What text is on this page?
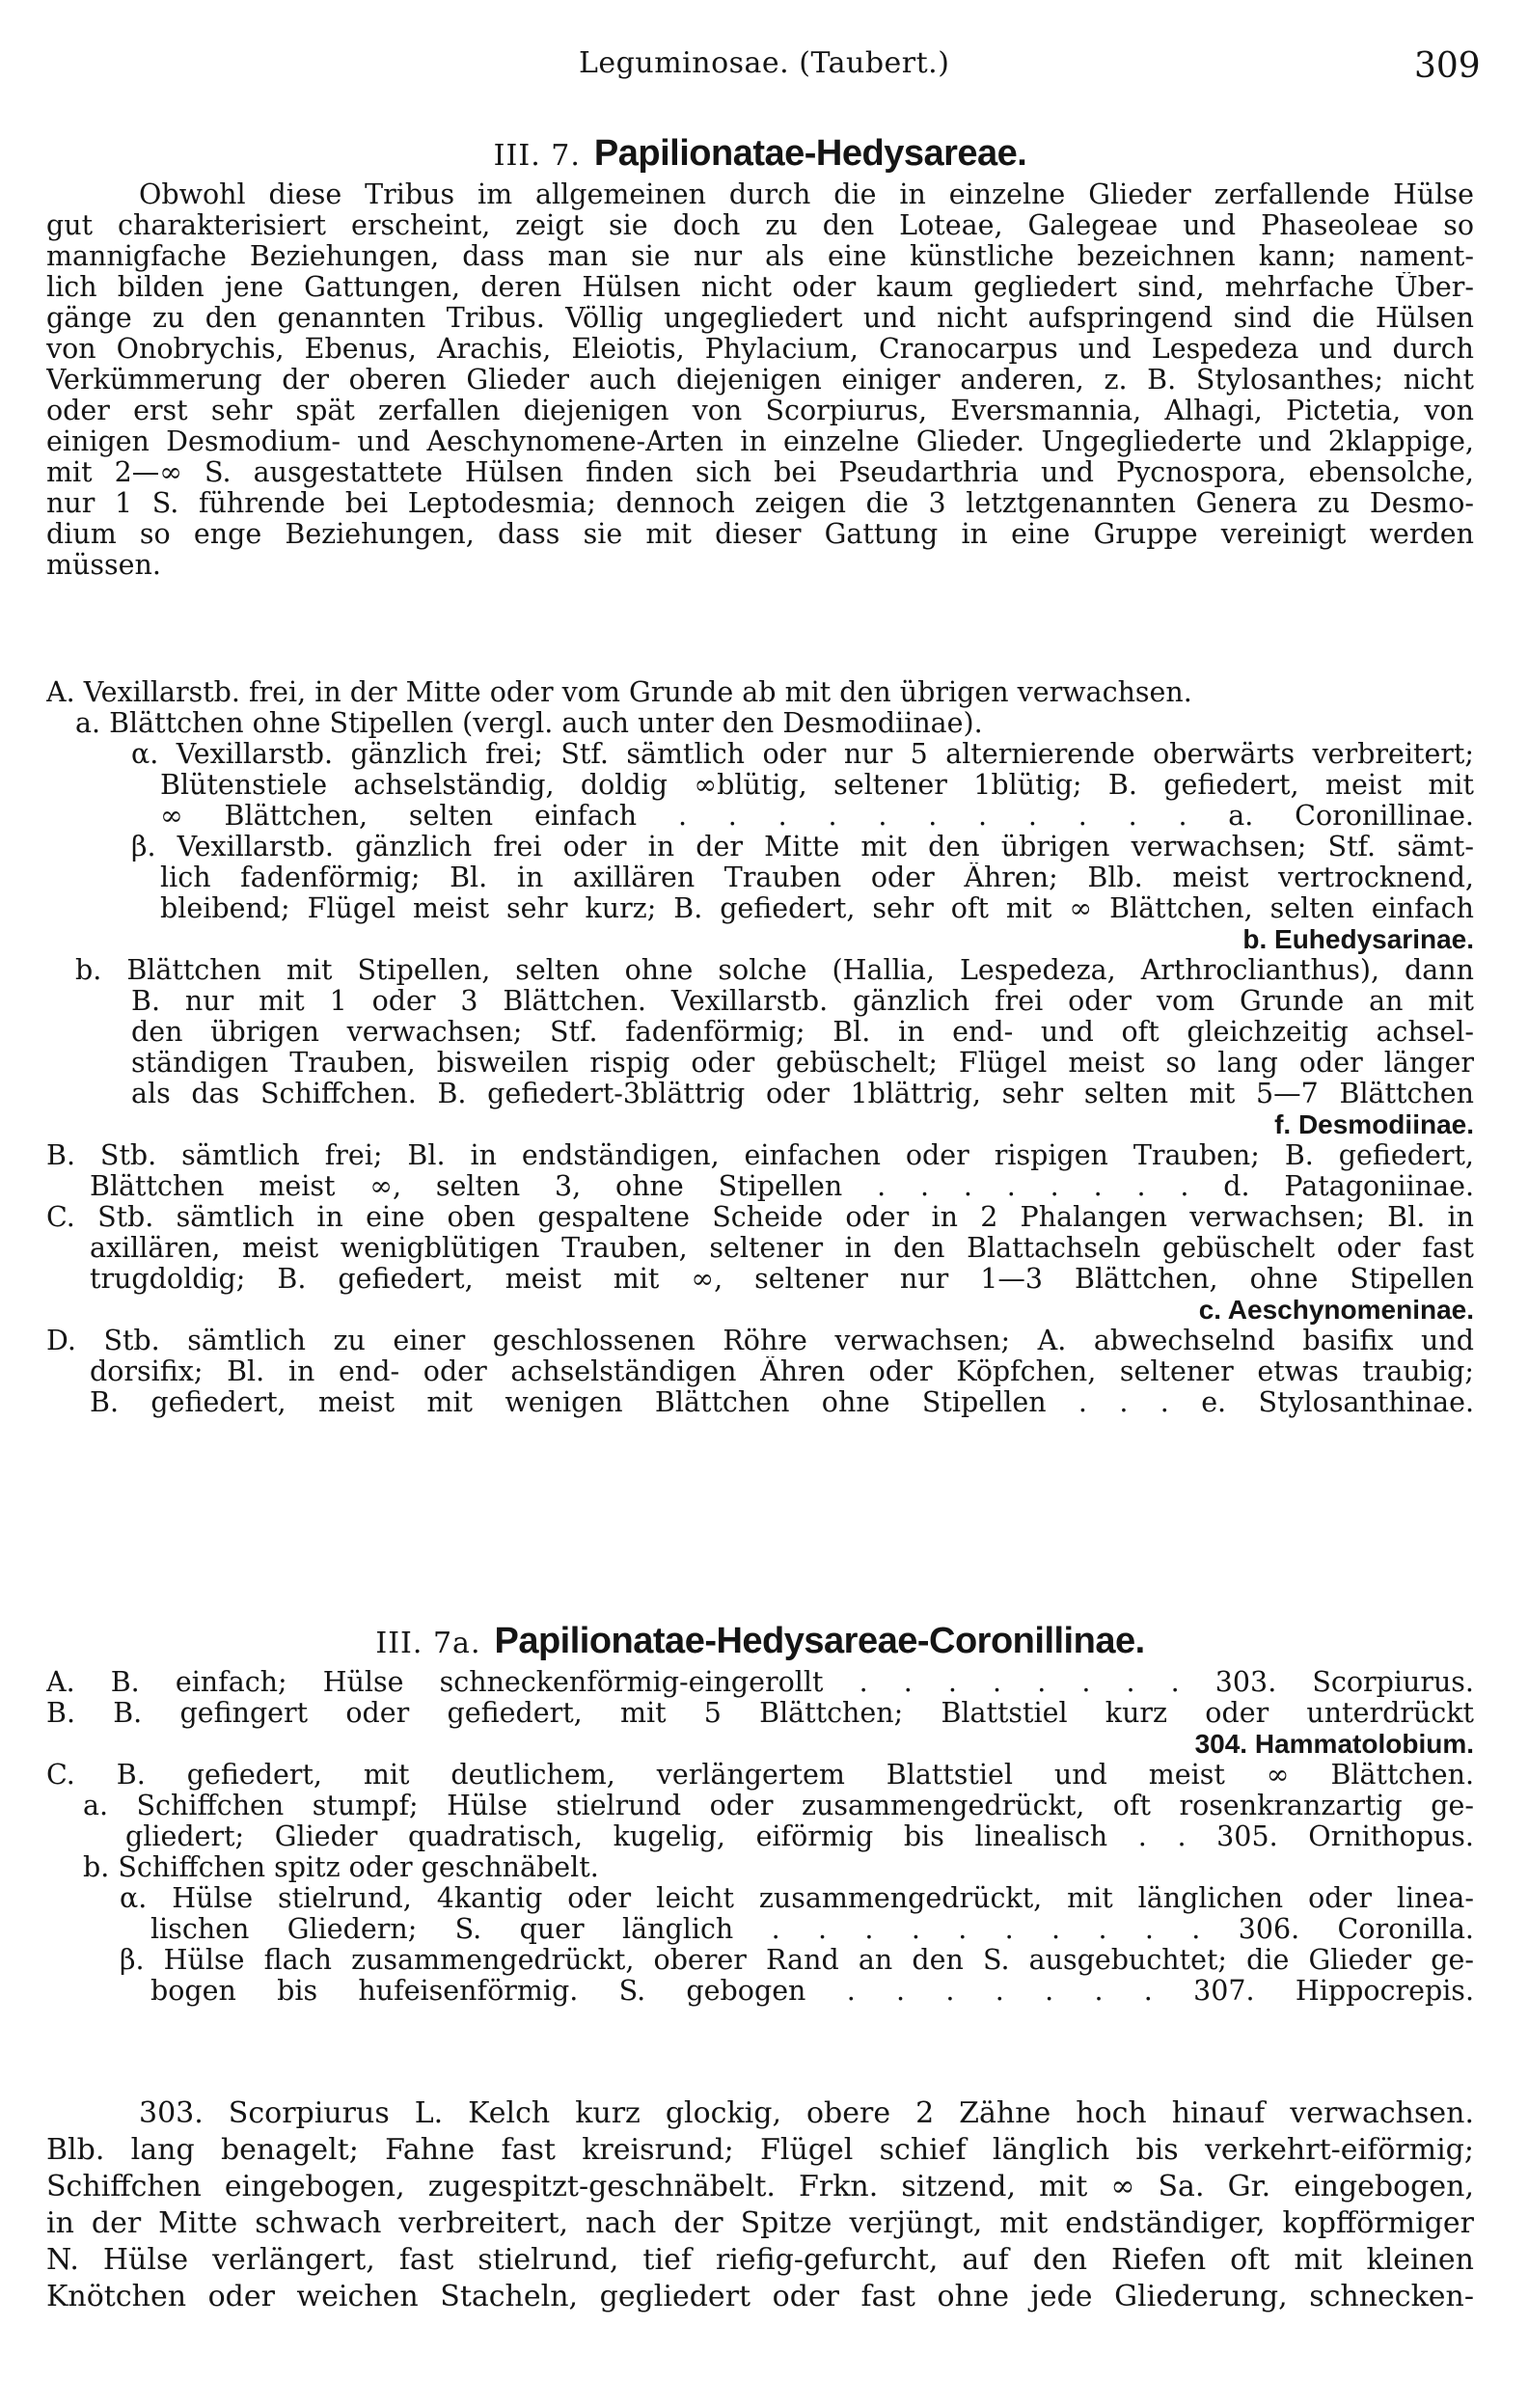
Leguminosae. (Taubert.)	309
III. 7. Papilionatae-Hedysareae.
Obwohl diese Tribus im allgemeinen durch die in einzelne Glieder zerfallende Hülse
gut charakterisiert erscheint, zeigt sie doch zu den Loteae, Galegeae und Phaseoleae so
mannigfache Beziehungen, dass man sie nur als eine künstliche bezeichnen kann; nament-
lich bilden jene Gattungen, deren Hülsen nicht oder kaum gegliedert sind, mehrfache Über-
gänge zu den genannten Tribus. Völlig ungegliedert und nicht aufspringend sind die Hülsen
von Onobrychis, Ebenus, Arachis, Eleiotis, Phylacium, Cranocarpus und Lespedeza und durch
Verkümmerung der oberen Glieder auch diejenigen einiger anderen, z. B. Stylosanthes; nicht
oder erst sehr spät zerfallen diejenigen von Scorpiurus, Eversmannia, Alhagi, Pictetia, von
einigen Desmodium- und Aeschynomene-Arten in einzelne Glieder. Ungegliederte und 2klappige,
mit 2—∞ S. ausgestattete Hülsen finden sich bei Pseudarthria und Pycnospora, ebensolche,
nur 1 S. führende bei Leptodesmia; dennoch zeigen die 3 letztgenannten Genera zu Desmo-
dium so enge Beziehungen, dass sie mit dieser Gattung in eine Gruppe vereinigt werden
müssen.
A. Vexillarstb. frei, in der Mitte oder vom Grunde ab mit den übrigen verwachsen.
a. Blättchen ohne Stipellen (vergl. auch unter den Desmodiinae).
α. Vexillarstb. gänzlich frei; Stf. sämtlich oder nur 5 alternierende oberwärts verbreitert;
Blütenstiele achselständig, doldig ∞blütig, seltener 1blütig; B. gefiedert, meist mit
∞ Blättchen, selten einfach . . . . . . . . . . . a. Coronillinae.
β. Vexillarstb. gänzlich frei oder in der Mitte mit den übrigen verwachsen; Stf. sämt-
lich fadenförmig; Bl. in axillären Trauben oder Ähren; Blb. meist vertrocknend,
bleibend; Flügel meist sehr kurz; B. gefiedert, sehr oft mit ∞ Blättchen, selten einfach
b. Euhedysarinae.
b. Blättchen mit Stipellen, selten ohne solche (Hallia, Lespedeza, Arthroclianthus), dann
B. nur mit 1 oder 3 Blättchen. Vexillarstb. gänzlich frei oder vom Grunde an mit
den übrigen verwachsen; Stf. fadenförmig; Bl. in end- und oft gleichzeitig achsel-
ständigen Trauben, bisweilen rispig oder gebüschelt; Flügel meist so lang oder länger
als das Schiffchen. B. gefiedert-3blättrig oder 1blättrig, sehr selten mit 5—7 Blättchen
f. Desmodiinae.
B. Stb. sämtlich frei; Bl. in endständigen, einfachen oder rispigen Trauben; B. gefiedert,
Blättchen meist ∞, selten 3, ohne Stipellen . . . . . . . . d. Patagoniinae.
C. Stb. sämtlich in eine oben gespaltene Scheide oder in 2 Phalangen verwachsen; Bl. in
axillären, meist wenigblütigen Trauben, seltener in den Blattachseln gebüschelt oder fast
trugdoldig; B. gefiedert, meist mit ∞, seltener nur 1—3 Blättchen, ohne Stipellen
c. Aeschynomeninae.
D. Stb. sämtlich zu einer geschlossenen Röhre verwachsen; A. abwechselnd basifix und
dorsifix; Bl. in end- oder achselständigen Ähren oder Köpfchen, seltener etwas traubig;
B. gefiedert, meist mit wenigen Blättchen ohne Stipellen . . . e. Stylosanthinae.
III. 7a. Papilionatae-Hedysareae-Coronillinae.
A. B. einfach; Hülse schneckenförmig-eingerollt . . . . . . . . 303. Scorpiurus.
B. B. gefingert oder gefiedert, mit 5 Blättchen; Blattstiel kurz oder unterdrückt
304. Hammatolobium.
C. B. gefiedert, mit deutlichem, verlängertem Blattstiel und meist ∞ Blättchen.
a. Schiffchen stumpf; Hülse stielrund oder zusammengedrückt, oft rosenkranzartig ge-
gliedert; Glieder quadratisch, kugelig, eiförmig bis linealisch . . 305. Ornithopus.
b. Schiffchen spitz oder geschnäbelt.
α. Hülse stielrund, 4kantig oder leicht zusammengedrückt, mit länglichen oder linea-
lischen Gliedern; S. quer länglich . . . . . . . . . . 306. Coronilla.
β. Hülse flach zusammengedrückt, oberer Rand an den S. ausgebuchtet; die Glieder ge-
bogen bis hufeisenförmig. S. gebogen . . . . . . . 307. Hippocrepis.
303. Scorpiurus L. Kelch kurz glockig, obere 2 Zähne hoch hinauf verwachsen.
Blb. lang benagelt; Fahne fast kreisrund; Flügel schief länglich bis verkehrt-eiförmig;
Schiffchen eingebogen, zugespitzt-geschnäbelt. Frkn. sitzend, mit ∞ Sa. Gr. eingebogen,
in der Mitte schwach verbreitert, nach der Spitze verjüngt, mit endständiger, kopfförmiger
N. Hülse verlängert, fast stielrund, tief riefig-gefurcht, auf den Riefen oft mit kleinen
Knötchen oder weichen Stacheln, gegliedert oder fast ohne jede Gliederung, schnecken-
